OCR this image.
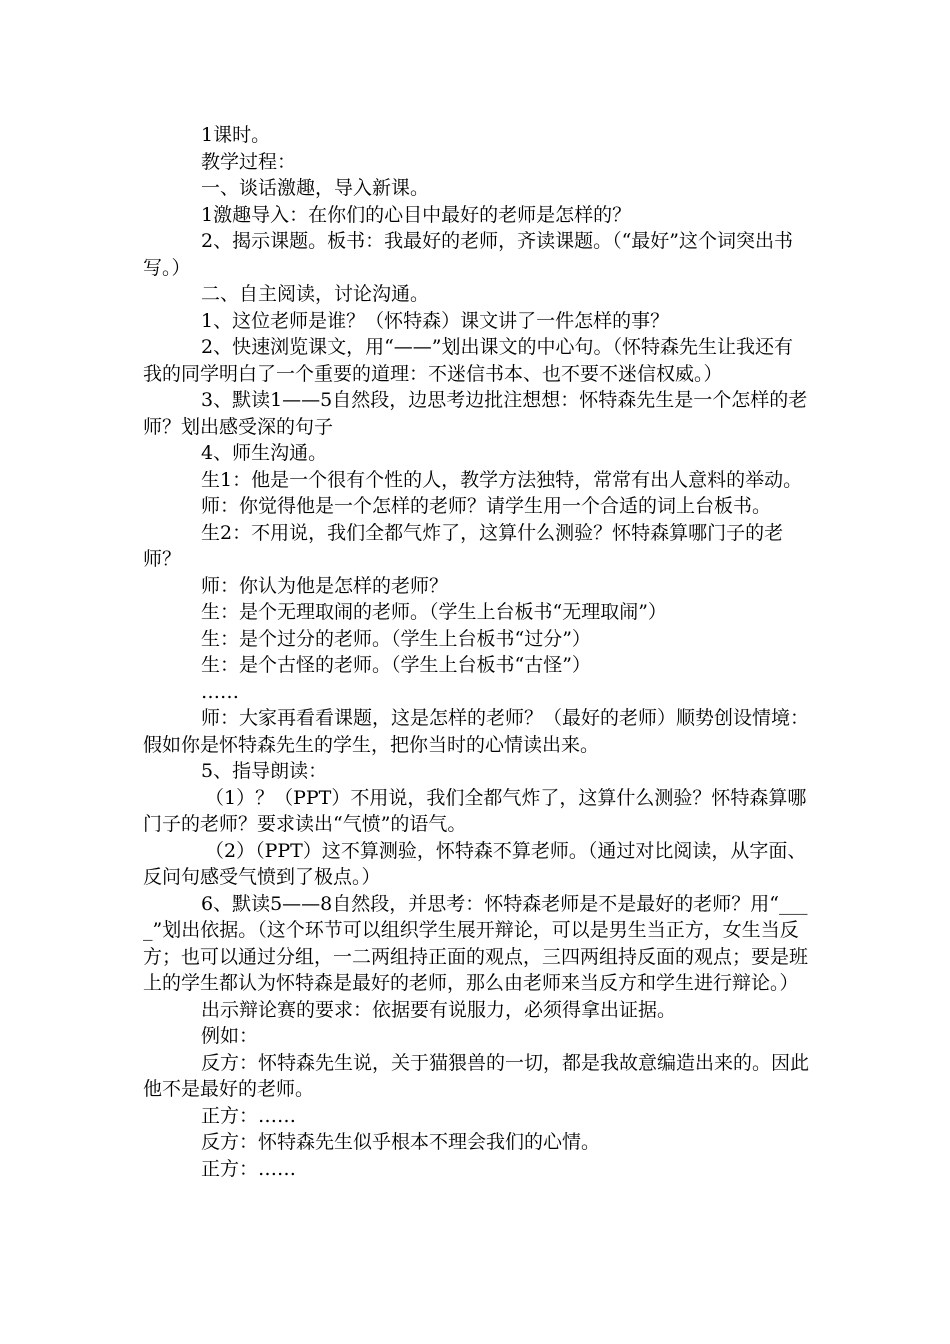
1课时。

教学过程：

一、谈话激趣，导入新课。

1激趣导入：在你们的心目中最好的老师是怎样的？

2、揭示课题。板书：我最好的老师，齐读课题。（“最好”这个词突出书写。）

二、自主阅读，讨论沟通。

1、这位老师是谁？（怀特森）课文讲了一件怎样的事？

2、快速浏览课文，用“——”划出课文的中心句。（怀特森先生让我还有我的同学明白了一个重要的道理：不迷信书本、也不要不迷信权威。）

3、默读1——5自然段，边思考边批注想想：怀特森先生是一个怎样的老师？划出感受深的句子

4、师生沟通。

生1：他是一个很有个性的人，教学方法独特，常常有出人意料的举动。

师：你觉得他是一个怎样的老师？请学生用一个合适的词上台板书。

生2：不用说，我们全都气炸了，这算什么测验？怀特森算哪门子的老师？

师：你认为他是怎样的老师？

生：是个无理取闹的老师。（学生上台板书“无理取闹”）

生：是个过分的老师。（学生上台板书“过分”）

生：是个古怪的老师。（学生上台板书“古怪”）

……

师：大家再看看课题，这是怎样的老师？（最好的老师）顺势创设情境：假如你是怀特森先生的学生，把你当时的心情读出来。

5、指导朗读：

（1）？（PPT）不用说，我们全都气炸了，这算什么测验？怀特森算哪门子的老师？要求读出“气愤”的语气。

（2）（PPT）这不算测验，怀特森不算老师。（通过对比阅读，从字面、反问句感受气愤到了极点。）

6、默读5——8自然段，并思考：怀特森老师是不是最好的老师？用“____”划出依据。（这个环节可以组织学生展开辩论，可以是男生当正方，女生当反方；也可以通过分组，一二两组持正面的观点，三四两组持反面的观点；要是班上的学生都认为怀特森是最好的老师，那么由老师来当反方和学生进行辩论。）

出示辩论赛的要求：依据要有说服力，必须得拿出证据。

例如：

反方：怀特森先生说，关于猫猥兽的一切，都是我故意编造出来的。因此他不是最好的老师。

正方：……

反方：怀特森先生似乎根本不理会我们的心情。

正方：……
